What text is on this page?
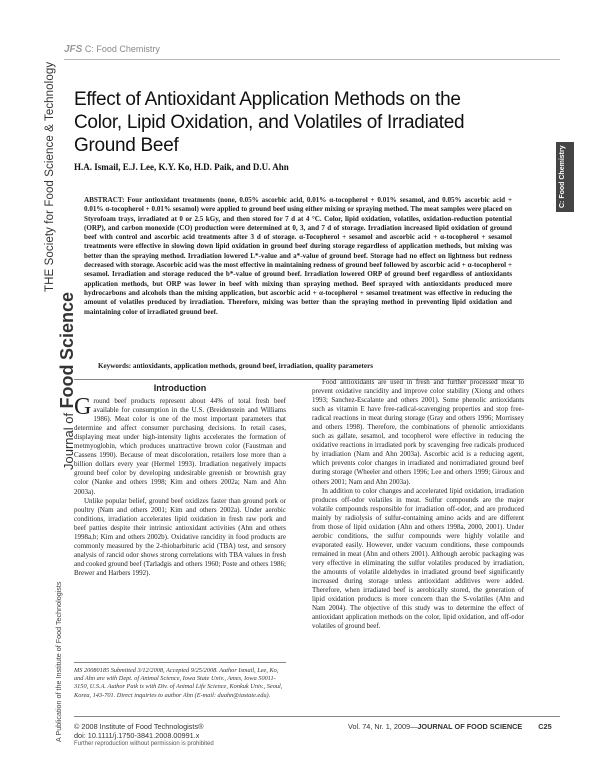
THE Society for Food Science & Technology
Journal of Food Science
A Publication of the Institute of Food Technologists
JFS C: Food Chemistry
C: Food Chemistry
Effect of Antioxidant Application Methods on the Color, Lipid Oxidation, and Volatiles of Irradiated Ground Beef
H.A. Ismail, E.J. Lee, K.Y. Ko, H.D. Paik, and D.U. Ahn
ABSTRACT: Four antioxidant treatments (none, 0.05% ascorbic acid, 0.01% α-tocopherol + 0.01% sesamol, and 0.05% ascorbic acid + 0.01% α-tocopherol + 0.01% sesamol) were applied to ground beef using either mixing or spraying method. The meat samples were placed on Styrofoam trays, irradiated at 0 or 2.5 kGy, and then stored for 7 d at 4 °C. Color, lipid oxidation, volatiles, oxidation-reduction potential (ORP), and carbon monoxide (CO) production were determined at 0, 3, and 7 d of storage. Irradiation increased lipid oxidation of ground beef with control and ascorbic acid treatments after 3 d of storage. α-Tocopherol + sesamol and ascorbic acid + α-tocopherol + sesamol treatments were effective in slowing down lipid oxidation in ground beef during storage regardless of application methods, but mixing was better than the spraying method. Irradiation lowered L*-value and a*-value of ground beef. Storage had no effect on lightness but redness decreased with storage. Ascorbic acid was the most effective in maintaining redness of ground beef followed by ascorbic acid + α-tocopherol + sesamol. Irradiation and storage reduced the b*-value of ground beef. Irradiation lowered ORP of ground beef regardless of antioxidants application methods, but ORP was lower in beef with mixing than spraying method. Beef sprayed with antioxidants produced more hydrocarbons and alcohols than the mixing application, but ascorbic acid + α-tocopherol + sesamol treatment was effective in reducing the amount of volatiles produced by irradiation. Therefore, mixing was better than the spraying method in preventing lipid oxidation and maintaining color of irradiated ground beef.
Keywords: antioxidants, application methods, ground beef, irradiation, quality parameters
Introduction

Ground beef products represent about 44% of total fresh beef available for consumption in the U.S. (Breidenstein and Williams 1986). Meat color is one of the most important parameters that determine and affect consumer purchasing decisions. In retail cases, displaying meat under high-intensity lights accelerates the formation of metmyoglobin, which produces unattractive brown color (Faustman and Cassens 1990). Because of meat discoloration, retailers lose more than a billion dollars every year (Hermel 1993). Irradiation negatively impacts ground beef color by developing undesirable greenish or brownish gray color (Nanke and others 1998; Kim and others 2002a; Nam and Ahn 2003a).

Unlike popular belief, ground beef oxidizes faster than ground pork or poultry (Nam and others 2001; Kim and others 2002a). Under aerobic conditions, irradiation accelerates lipid oxidation in fresh raw pork and beef patties despite their intrinsic antioxidant activities (Ahn and others 1998a,b; Kim and others 2002b). Oxidative rancidity in food products are commonly measured by the 2-thiobarbituric acid (TBA) test, and sensory analysis of rancid odor shows strong correlations with TBA values in fresh and cooked ground beef (Tarladgis and others 1960; Poste and others 1986; Brewer and Harbers 1992).

Food antioxidants are used in fresh and further processed meat to prevent oxidative rancidity and improve color stability (Xiong and others 1993; Sanchez-Escalante and others 2001). Some phenolic antioxidants such as vitamin E have free-radical-scavenging properties and stop free-radical reactions in meat during storage (Gray and others 1996; Morrissey and others 1998). Therefore, the combinations of phenolic antioxidants such as gallate, sesamol, and tocopherol were effective in reducing the oxidative reactions in irradiated pork by scavenging free radicals produced by irradiation (Nam and Ahn 2003a). Ascorbic acid is a reducing agent, which prevents color changes in irradiated and nonirradiated ground beef during storage (Wheeler and others 1996; Lee and others 1999; Giroux and others 2001; Nam and Ahn 2003a).

In addition to color changes and accelerated lipid oxidation, irradiation produces off-odor volatiles in meat. Sulfur compounds are the major volatile compounds responsible for irradiation off-odor, and are produced mainly by radiolysis of sulfur-containing amino acids and are different from those of lipid oxidation (Ahn and others 1998a, 2000, 2001). Under aerobic conditions, the sulfur compounds were highly volatile and evaporated easily. However, under vacuum conditions, these compounds remained in meat (Ahn and others 2001). Although aerobic packaging was very effective in eliminating the sulfur volatiles produced by irradiation, the amounts of volatile aldehydes in irradiated ground beef significantly increased during storage unless antioxidant additives were added. Therefore, when irradiated beef is aerobically stored, the generation of lipid oxidation products is more concern than the S-volatiles (Ahn and Nam 2004). The objective of this study was to determine the effect of antioxidant application methods on the color, lipid oxidation, and off-odor volatiles of ground beef.

MS 20080185 Submitted 3/12/2008, Accepted 9/25/2008. Author Ismail, Lee, Ko, and Ahn are with Dept. of Animal Science, Iowa State Univ., Ames, Iowa 50011-3150, U.S.A. Author Paik is with Div. of Animal Life Science, Konkuk Univ., Seoul, Korea, 143-701. Direct inquiries to author Ahn (E-mail: duahn@iastate.edu).
© 2008 Institute of Food Technologists®
doi: 10.1111/j.1750-3841.2008.00991.x
Further reproduction without permission is prohibited
Vol. 74, Nr. 1, 2009—JOURNAL OF FOOD SCIENCE C25
